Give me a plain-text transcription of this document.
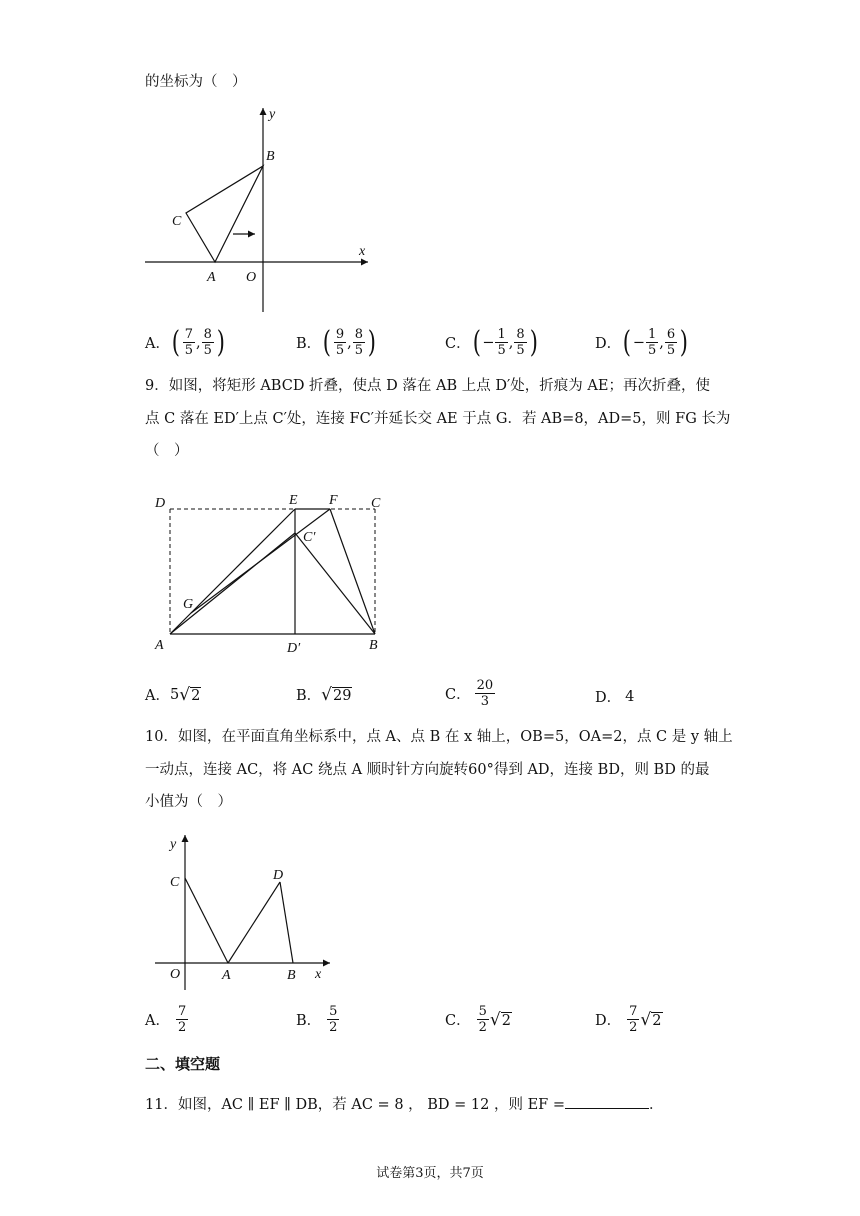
的坐标为（　）
y
x
B
C
A O
A． ( $\frac{7}{5}$ , $\frac{8}{5}$ )	B． ( $\frac{9}{5}$ , $\frac{8}{5}$ )	C． ( − $\frac{1}{5}$ , $\frac{8}{5}$ )	D． ( − $\frac{1}{5}$ , $\frac{6}{5}$ )
9．如图，将矩形 ABCD 折叠，使点 D 落在 AB 上点 D′处，折痕为 AE；再次折叠，使
点 C 落在 ED′上点 C′处，连接 FC′并延长交 AE 于点 G．若 AB=8，AD=5，则 FG 长为
（　）
D	E F C
C′
G
A	D′	B
A． 5 √ 2	B． √ 29	C． $\frac{20}{3}$	D． 4
10．如图，在平面直角坐标系中，点 A、点 B 在 x 轴上，OB=5，OA=2，点 C 是 y 轴上
一动点，连接 AC，将 AC 绕点 A 顺时针方向旋转60°得到 AD，连接 BD，则 BD 的最
小值为（　）
y
C	D
O	A	B x
A． $\frac{7}{2}$	B． $\frac{5}{2}$	C． $\frac{5}{2}$ √ 2	D． $\frac{7}{2}$ √ 2
二、填空题
11．如图，AC ∥ EF ∥ DB，若 AC = 8 ， BD = 12 ，则 EF =	．
试卷第3页，共7页
